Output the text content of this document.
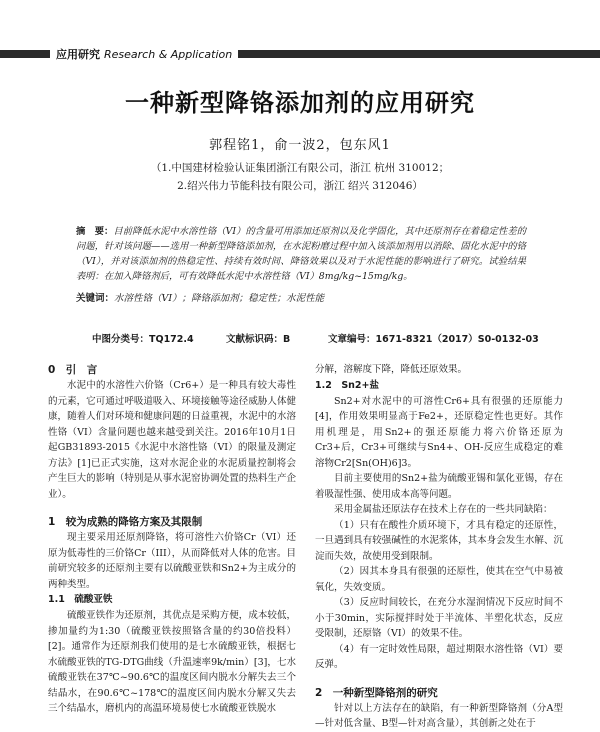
应用研究 Research & Application
一种新型降铬添加剂的应用研究
郭程铭1，俞一波2，包东风1
（1.中国建材检验认证集团浙江有限公司，浙江 杭州 310012；
2.绍兴伟力节能科技有限公司，浙江 绍兴 312046）
摘　要：目前降低水泥中水溶性铬（VI）的含量可用添加还原剂以及化学固化，其中还原剂存在着稳定性差的问题，针对该问题——选用一种新型降铬添加剂，在水泥粉磨过程中加入该添加剂用以消除、固化水泥中的铬（VI），并对该添加剂的热稳定性、持续有效时间、降铬效果以及对于水泥性能的影响进行了研究。试验结果表明：在加入降铬剂后，可有效降低水泥中水溶性铬（VI）8mg/kg~15mg/kg。
关键词：水溶性铬（VI）；降铬添加剂；稳定性；水泥性能
中图分类号：TQ172.4	文献标识码：B	文章编号：1671-8321（2017）S0-0132-03
0　引　言

水泥中的水溶性六价铬（Cr6+）是一种具有较大毒性的元素，它可通过呼吸道吸入、环境接触等途径威胁人体健康，随着人们对环境和健康问题的日益重视，水泥中的水溶性铬（VI）含量问题也越来越受到关注。2016年10月1日起GB31893-2015《水泥中水溶性铬（VI）的限量及测定方法》[1]已正式实施，这对水泥企业的水泥质量控制将会产生巨大的影响（特别是从事水泥窑协调处置的热料生产企业）。

1　较为成熟的降铬方案及其限制

现主要采用还原剂降铬，将可溶性六价铬Cr（VI）还原为低毒性的三价铬Cr（III），从而降低对人体的危害。目前研究较多的还原剂主要有以硫酸亚铁和Sn2+为主成分的两种类型。

1.1　硫酸亚铁

硫酸亚铁作为还原剂，其优点是采购方便，成本较低，掺加量约为1:30（硫酸亚铁按照铬含量的约30倍投料）[2]。通常作为还原剂我们使用的是七水硫酸亚铁，根据七水硫酸亚铁的TG-DTG曲线（升温速率9k/min）[3]，七水硫酸亚铁在37℃~90.6℃的温度区间内脱水分解失去三个结晶水，在90.6℃~178℃的温度区间内脱水分解又失去三个结晶水，磨机内的高温环境易使七水硫酸亚铁脱水

分解，溶解度下降，降低还原效果。

1.2　Sn2+盐

Sn2+对水泥中的可溶性Cr6+具有很强的还原能力[4]，作用效果明显高于Fe2+，还原稳定性也更好。其作用机理是，用Sn2+的强还原能力将六价铬还原为Cr3+后，Cr3+可继续与Sn4+、OH-反应生成稳定的难溶物Cr2[Sn(OH)6]3。

目前主要使用的Sn2+盐为硫酸亚锡和氯化亚锡，存在着吸湿性强、使用成本高等问题。

采用金属盐还原法存在技术上存在的一些共同缺陷：

（1）只有在酸性介质环境下，才具有稳定的还原性，一旦遇到具有较强碱性的水泥浆体，其本身会发生水解、沉淀而失效，故使用受到限制。

（2）因其本身具有很强的还原性，使其在空气中易被氧化，失效变质。

（3）反应时间较长，在充分水湿润情况下反应时间不小于30min，实际搅拌时处于半流体、半塑化状态，反应受限制，还原铬（VI）的效果不佳。

（4）有一定时效性局限，超过期限水溶性铬（VI）要反弹。

2　一种新型降铬剂的研究

针对以上方法存在的缺陷，有一种新型降铬剂（分A型—针对低含量、B型—针对高含量），其创新之处在于
